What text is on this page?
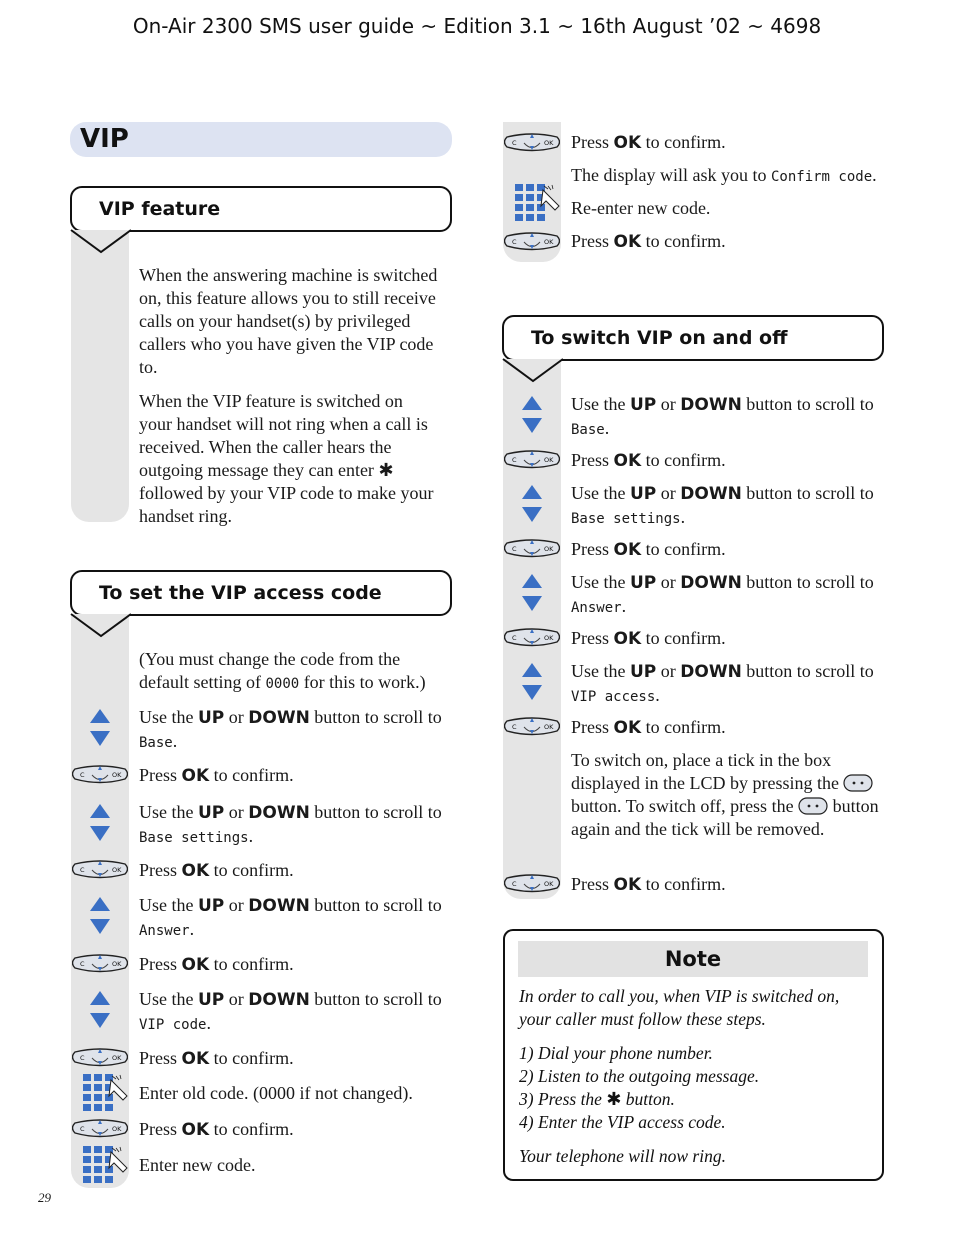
On-Air 2300 SMS user guide ~ Edition 3.1 ~ 16th August ’02 ~ 4698
VIP
VIP feature
When the answering machine is switched on, this feature allows you to still receive calls on your handset(s) by privileged callers who you have given the VIP code to.
When the VIP feature is switched on your handset will not ring when a call is received. When the caller hears the outgoing message they can enter ✱ followed by your VIP code to make your handset ring.
To set the VIP access code
(You must change the code from the default setting of 0000 for this to work.)
Use the UP or DOWN button to scroll to Base.
Press OK to confirm.
Use the UP or DOWN button to scroll to Base settings.
Press OK to confirm.
Use the UP or DOWN button to scroll to Answer.
Press OK to confirm.
Use the UP or DOWN button to scroll to VIP code.
Press OK to confirm.
Enter old code. (0000 if not changed).
Press OK to confirm.
Enter new code.
Press OK to confirm.
The display will ask you to Confirm code.
Re-enter new code.
Press OK to confirm.
To switch VIP on and off
Use the UP or DOWN button to scroll to Base.
Press OK to confirm.
Use the UP or DOWN button to scroll to Base settings.
Press OK to confirm.
Use the UP or DOWN button to scroll to Answer.
Press OK to confirm.
Use the UP or DOWN button to scroll to VIP access.
Press OK to confirm.
To switch on, place a tick in the box displayed in the LCD by pressing the  button. To switch off, press the button again and the tick will be removed.
Press OK to confirm.
Note
In order to call you, when VIP is switched on, your caller must follow these steps.
1) Dial your phone number.
2) Listen to the outgoing message.
3) Press the ✱ button.
4) Enter the VIP access code.
Your telephone will now ring.
29
